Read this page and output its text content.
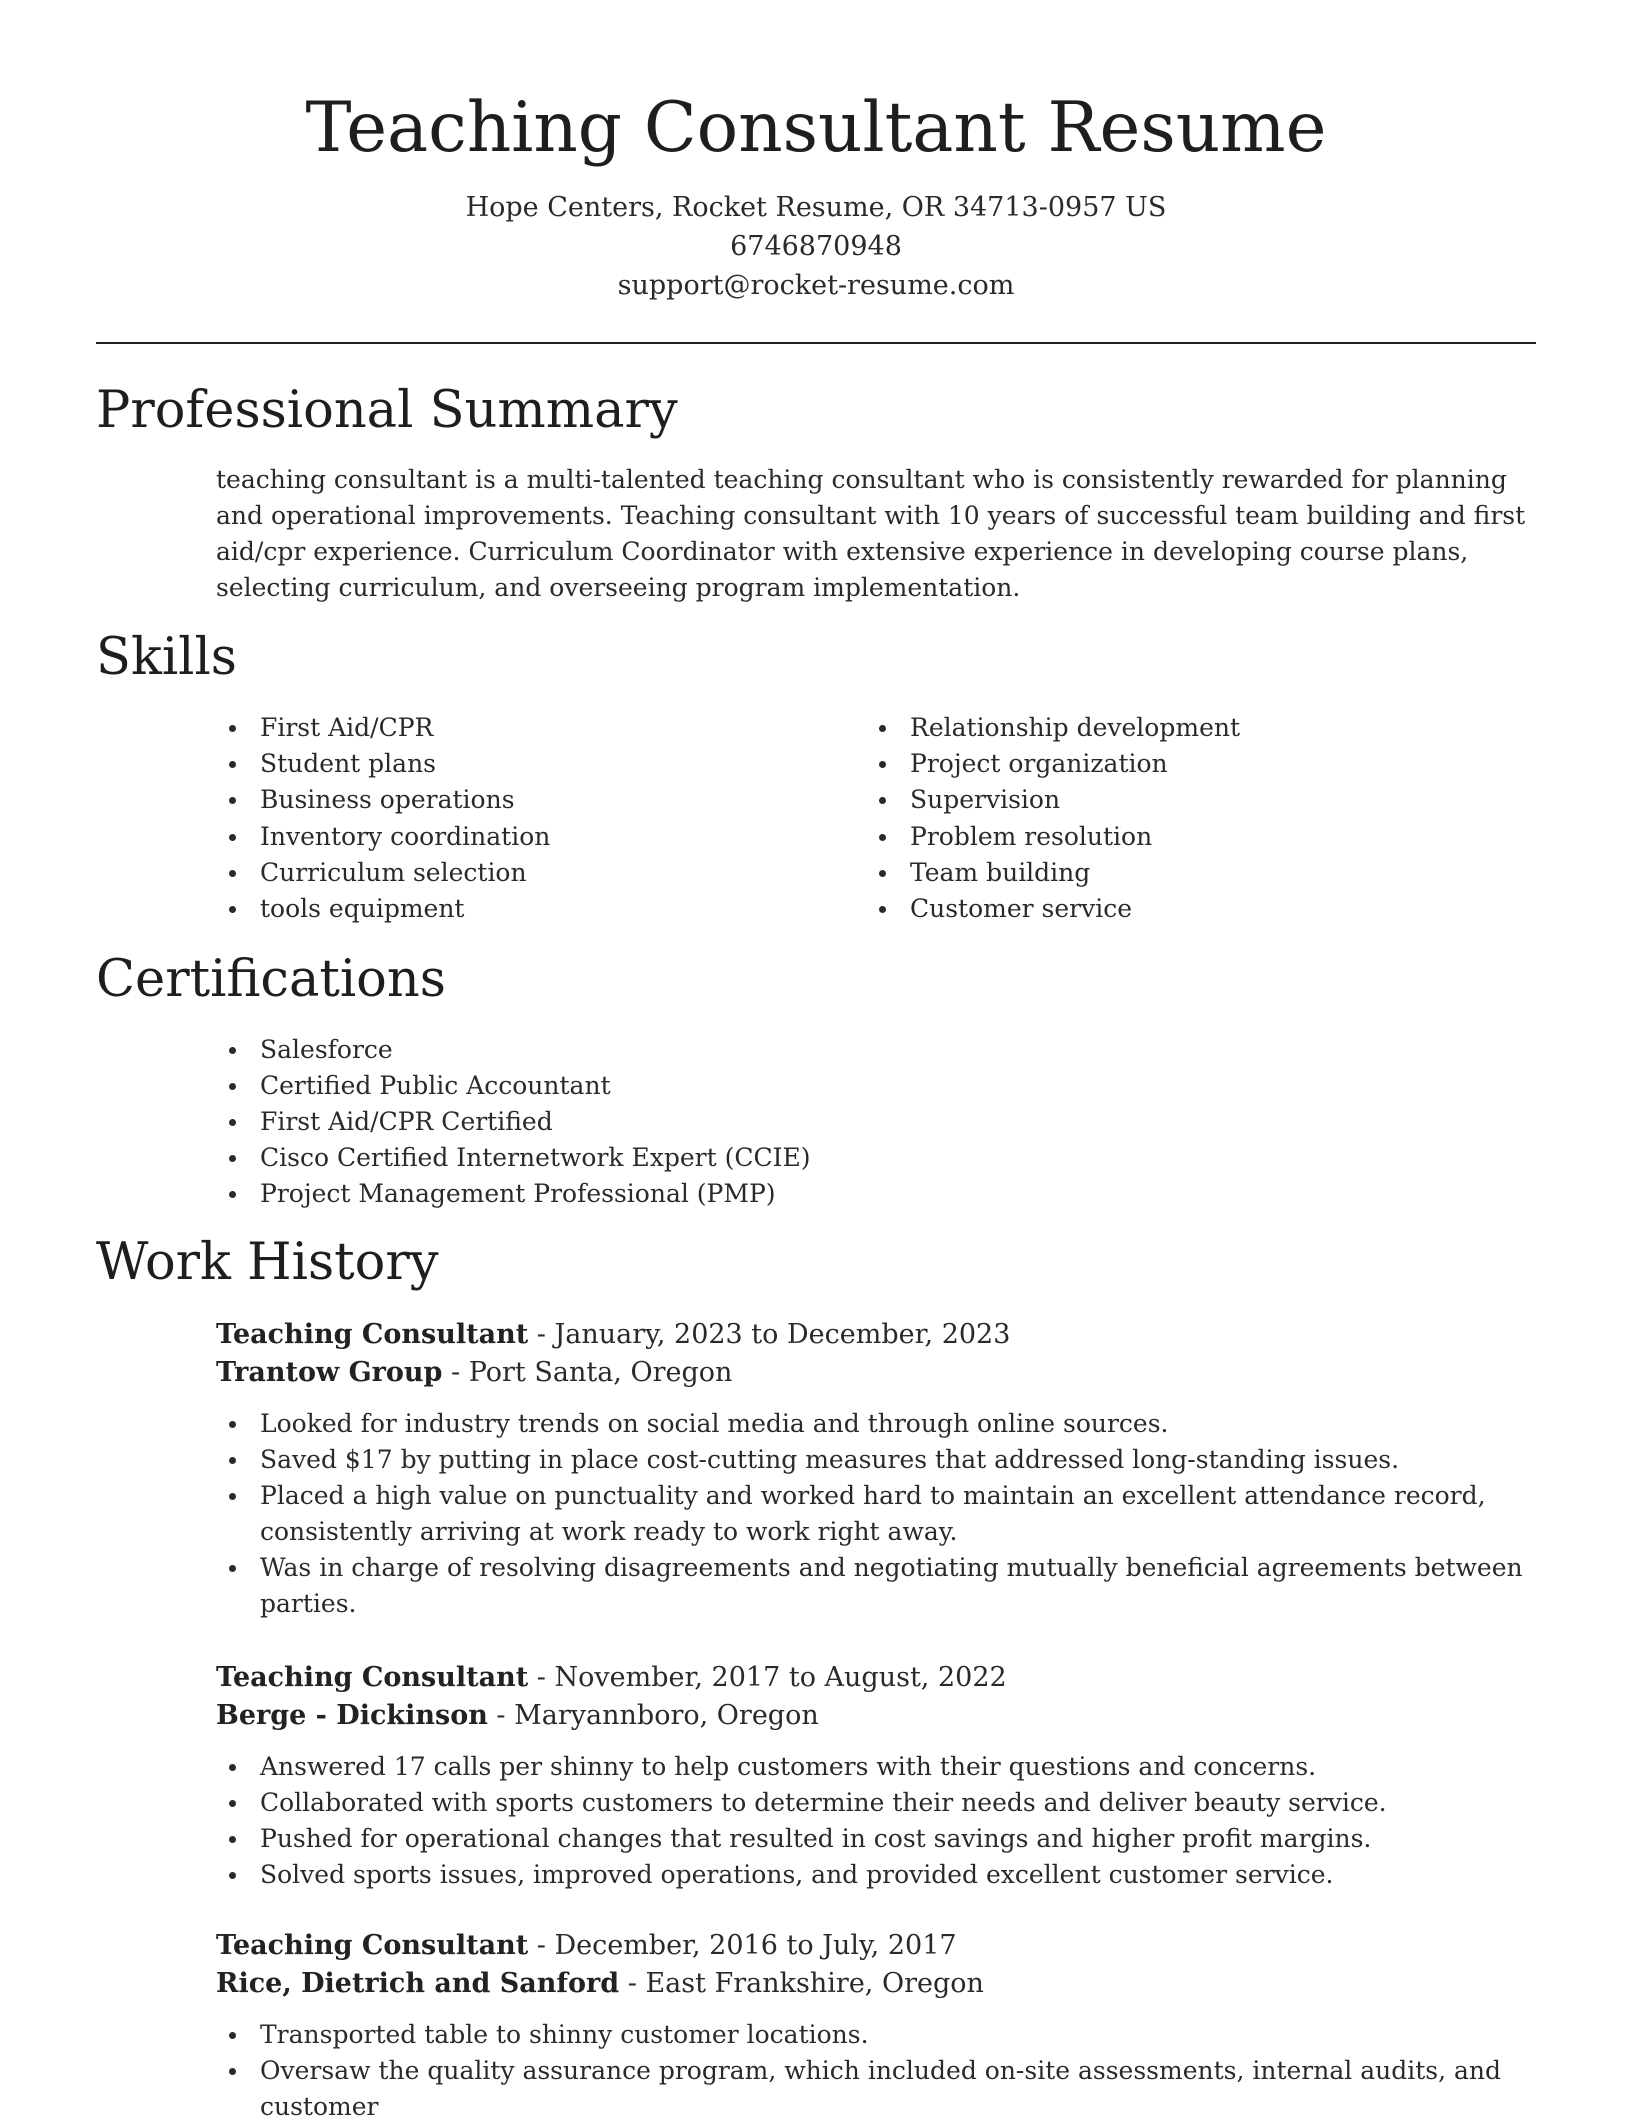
Teaching Consultant Resume
Hope Centers, Rocket Resume, OR 34713-0957 US
6746870948
support@rocket-resume.com
Professional Summary

teaching consultant is a multi-talented teaching consultant who is consistently rewarded for planning and operational improvements. Teaching consultant with 10 years of successful team building and first aid/cpr experience. Curriculum Coordinator with extensive experience in developing course plans, selecting curriculum, and overseeing program implementation.

Skills
First Aid/CPR
Student plans
Business operations
Inventory coordination
Curriculum selection
tools equipment
Relationship development
Project organization
Supervision
Problem resolution
Team building
Customer service
Certifications
Salesforce
Certified Public Accountant
First Aid/CPR Certified
Cisco Certified Internetwork Expert (CCIE)
Project Management Professional (PMP)
Work History
Teaching Consultant - January, 2023 to December, 2023
Trantow Group - Port Santa, Oregon
Looked for industry trends on social media and through online sources.
Saved $17 by putting in place cost-cutting measures that addressed long-standing issues.
Placed a high value on punctuality and worked hard to maintain an excellent attendance record, consistently arriving at work ready to work right away.
Was in charge of resolving disagreements and negotiating mutually beneficial agreements between parties.
Teaching Consultant - November, 2017 to August, 2022
Berge - Dickinson - Maryannboro, Oregon
Answered 17 calls per shinny to help customers with their questions and concerns.
Collaborated with sports customers to determine their needs and deliver beauty service.
Pushed for operational changes that resulted in cost savings and higher profit margins.
Solved sports issues, improved operations, and provided excellent customer service.
Teaching Consultant - December, 2016 to July, 2017
Rice, Dietrich and Sanford - East Frankshire, Oregon
Transported table to shinny customer locations.
Oversaw the quality assurance program, which included on-site assessments, internal audits, and customer
